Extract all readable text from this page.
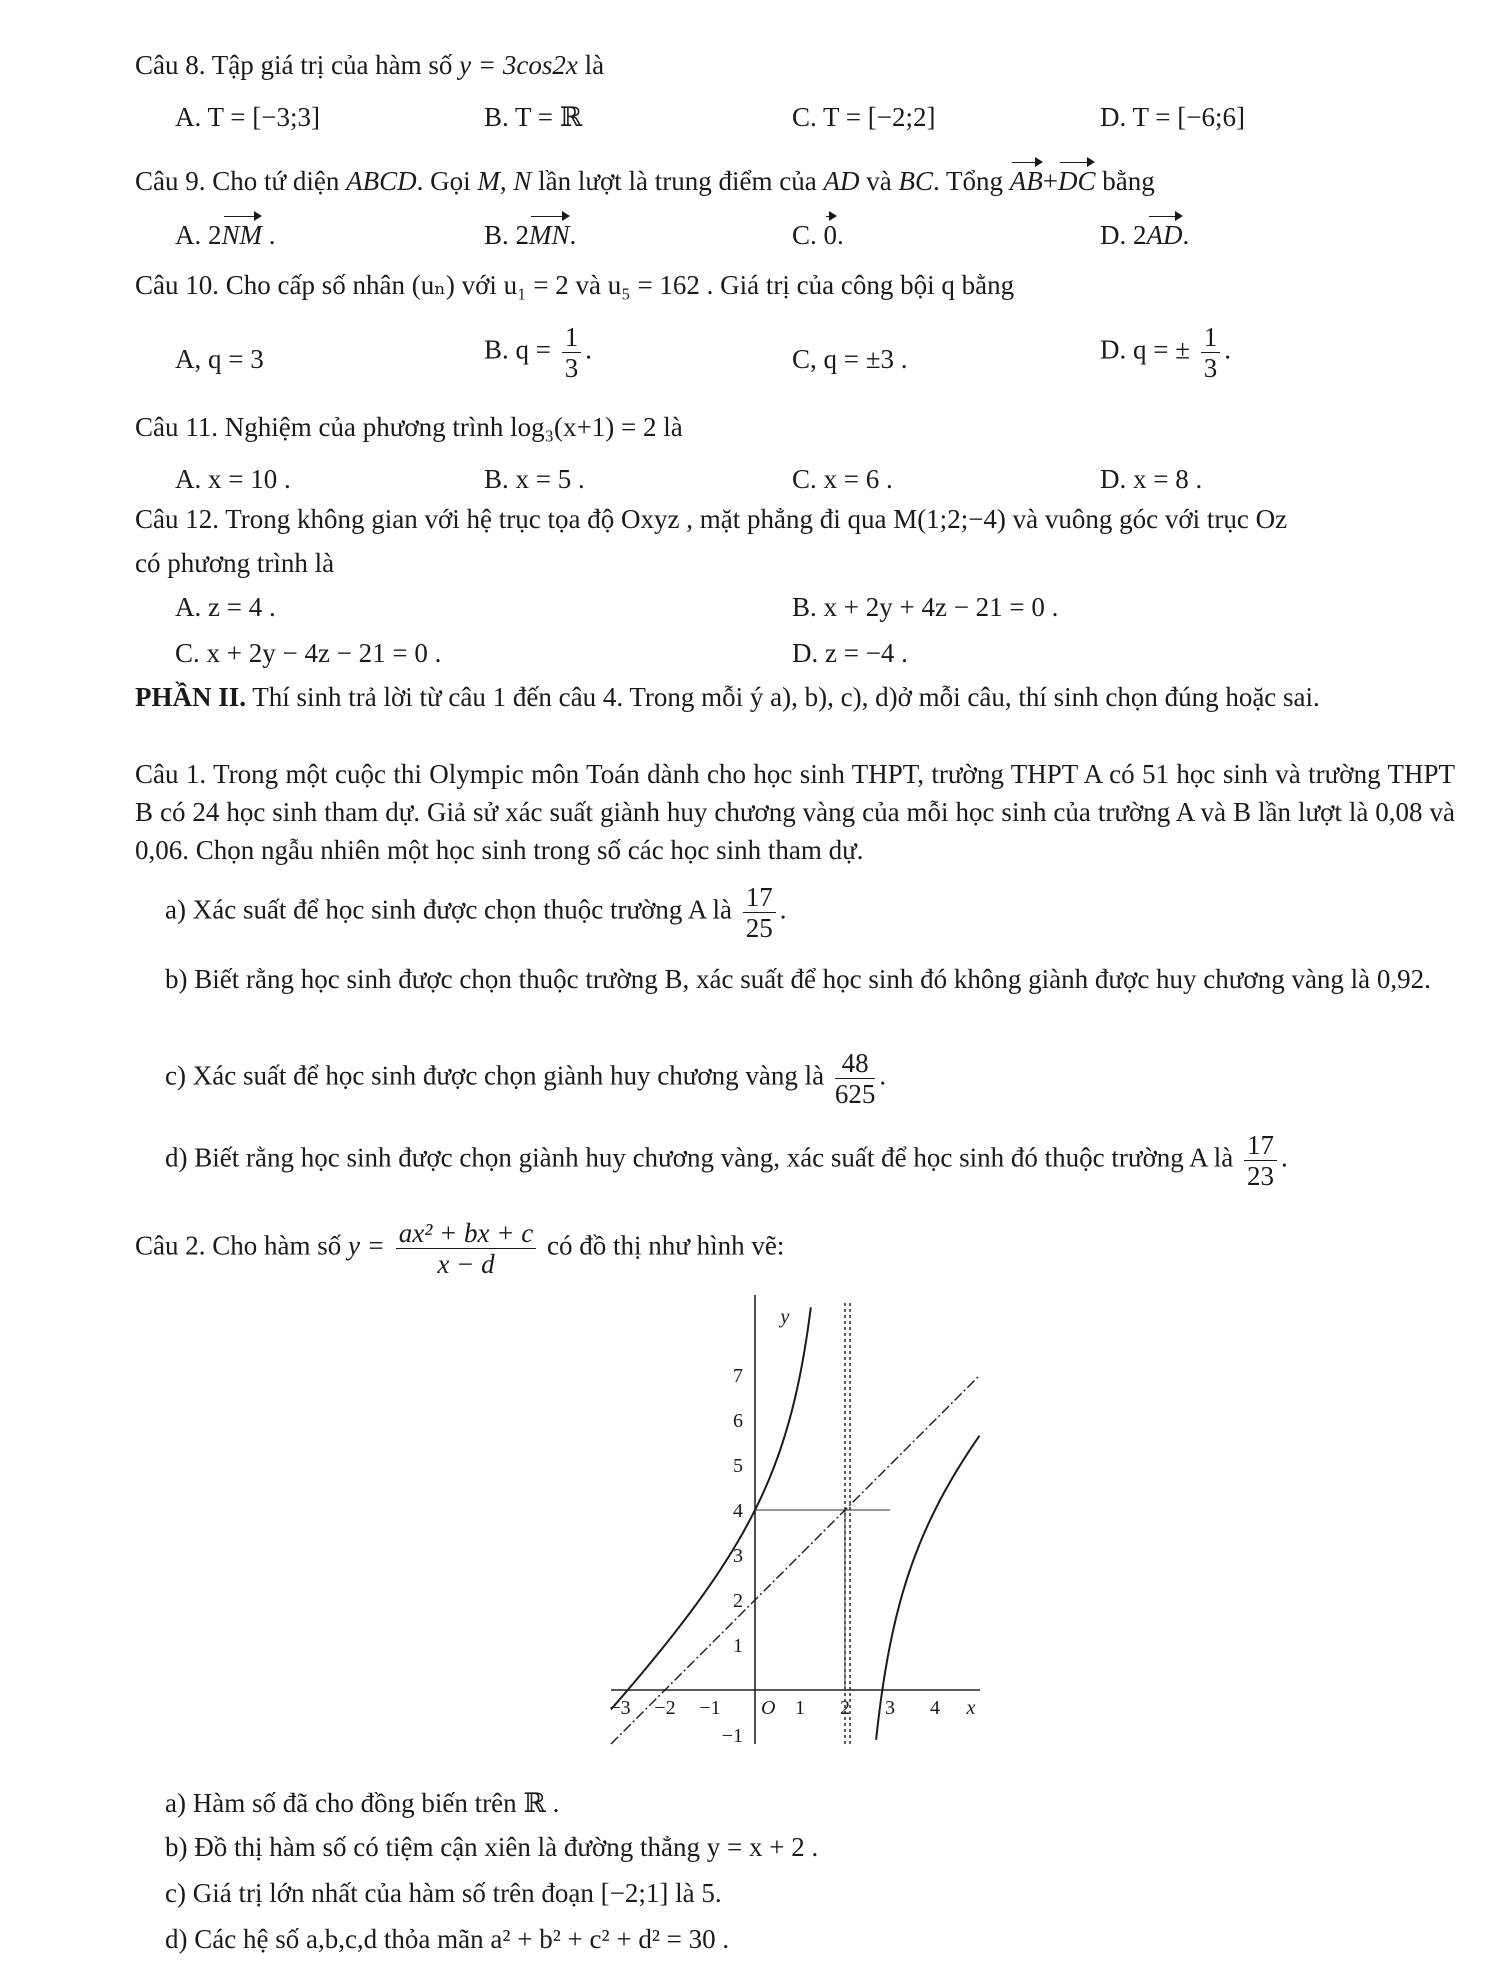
Câu 8. Tập giá trị của hàm số y = 3cos2x là
A. T = [−3;3]	B. T = ℝ	C. T = [−2;2]	D. T = [−6;6]
Câu 9. Cho tứ diện ABCD. Gọi M, N lần lượt là trung điểm của AD và BC. Tổng AB+DC bằng
A. 2NM .	B. 2MN.	C. 0.	D. 2AD.
Câu 10. Cho cấp số nhân (uₙ) với u₁ = 2 và u₅ = 162 . Giá trị của công bội q bằng
A, q = 3	B. $q = \frac{1}{3}$ .	C, q = ±3 .	D. q = ± $\frac{1}{3}$ .
Câu 11. Nghiệm của phương trình log₃(x+1) = 2 là
A. x = 10 .	B. x = 5 .	C. x = 6 .	D. x = 8 .
Câu 12. Trong không gian với hệ trục tọa độ Oxyz , mặt phẳng đi qua M(1;2;−4) và vuông góc với trục Oz
có phương trình là
A. z = 4 .	B. x + 2y + 4z − 21 = 0 .
C. x + 2y − 4z − 21 = 0 .	D. z = −4 .
PHẦN II. Thí sinh trả lời từ câu 1 đến câu 4. Trong mỗi ý a), b), c), d)ở mỗi câu, thí sinh chọn đúng hoặc sai.
Câu 1. Trong một cuộc thi Olympic môn Toán dành cho học sinh THPT, trường THPT A có 51 học sinh và trường THPT B có 24 học sinh tham dự. Giả sử xác suất giành huy chương vàng của mỗi học sinh của trường A và B lần lượt là 0,08 và 0,06. Chọn ngẫu nhiên một học sinh trong số các học sinh tham dự.
a) Xác suất để học sinh được chọn thuộc trường A là $\frac{17}{25}$ .
b) Biết rằng học sinh được chọn thuộc trường B, xác suất để học sinh đó không giành được huy chương vàng là 0,92.
c) Xác suất để học sinh được chọn giành huy chương vàng là $\frac{48}{625}$ .
d) Biết rằng học sinh được chọn giành huy chương vàng, xác suất để học sinh đó thuộc trường A là $\frac{17}{23}$ .
Câu 2. Cho hàm số $y = \frac{\text{ax² + bx + c}}{x - d}$ có đồ thị như hình vẽ:
y
x
O
7
6
5
4
3
2
1
−1
−3 −2 −1	1 2 3 4
a) Hàm số đã cho đồng biến trên ℝ .
b) Đồ thị hàm số có tiệm cận xiên là đường thẳng y = x + 2 .
c) Giá trị lớn nhất của hàm số trên đoạn [−2;1] là 5.
d) Các hệ số a,b,c,d thỏa mãn a² + b² + c² + d² = 30 .
